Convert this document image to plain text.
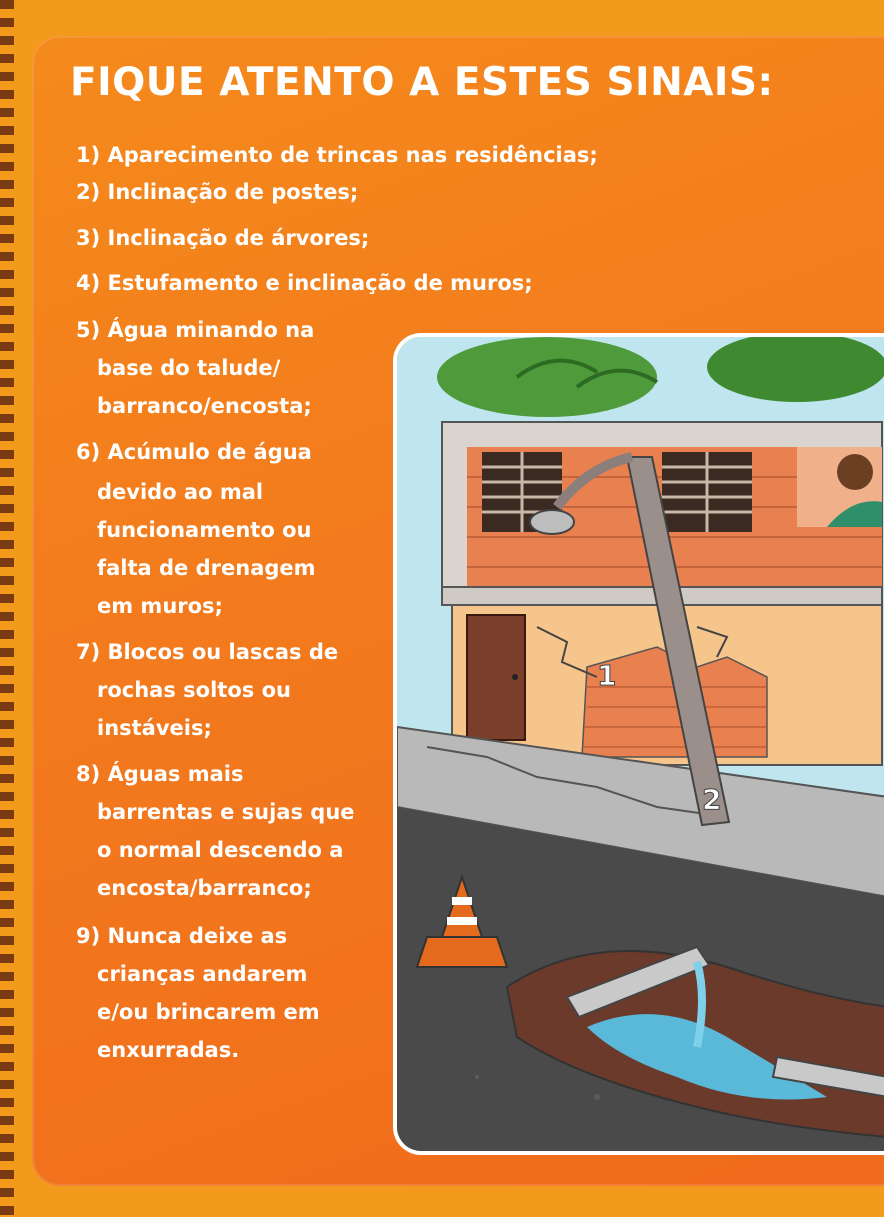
FIQUE ATENTO A ESTES SINAIS:

1) Aparecimento de trincas nas residências;

2) Inclinação de postes;

3) Inclinação de árvores;

4) Estufamento e inclinação de muros;

5) Água minando na

base do talude/

barranco/encosta;

6) Acúmulo de água

devido ao mal

funcionamento ou

falta de drenagem

em muros;

7) Blocos ou lascas de

rochas soltos ou

instáveis;

8) Águas mais

barrentas e sujas que

o normal descendo a

encosta/barranco;

9) Nunca deixe as

crianças andarem

e/ou brincarem em

enxurradas.

1
2
